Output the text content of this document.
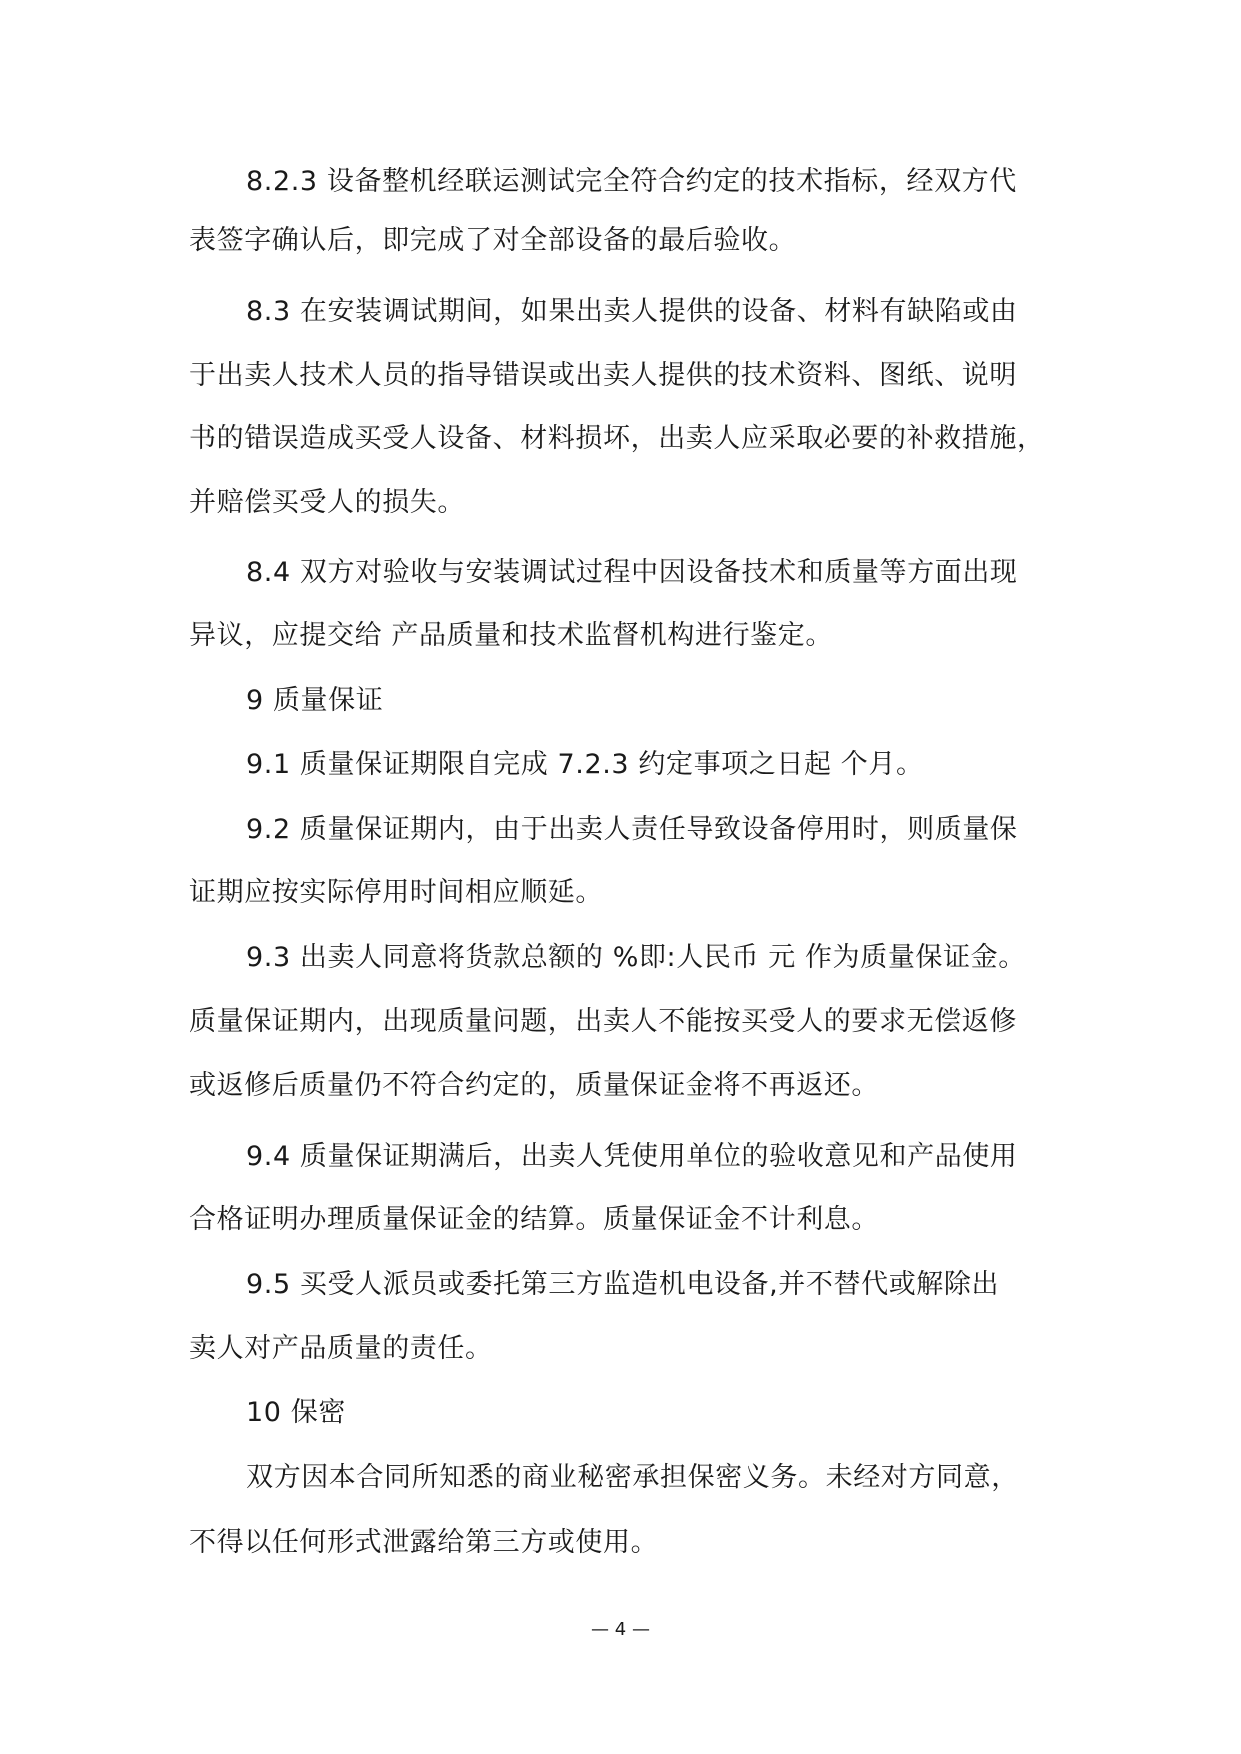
8.2.3 设备整机经联运测试完全符合约定的技术指标，经双方代
表签字确认后，即完成了对全部设备的最后验收。
8.3 在安装调试期间，如果出卖人提供的设备、材料有缺陷或由
于出卖人技术人员的指导错误或出卖人提供的技术资料、图纸、说明
书的错误造成买受人设备、材料损坏，出卖人应采取必要的补救措施，
并赔偿买受人的损失。
8.4 双方对验收与安装调试过程中因设备技术和质量等方面出现
异议，应提交给 产品质量和技术监督机构进行鉴定。
9 质量保证
9.1 质量保证期限自完成 7.2.3 约定事项之日起 个月。
9.2 质量保证期内，由于出卖人责任导致设备停用时，则质量保
证期应按实际停用时间相应顺延。
9.3 出卖人同意将货款总额的 %即:人民币 元 作为质量保证金。
质量保证期内，出现质量问题，出卖人不能按买受人的要求无偿返修
或返修后质量仍不符合约定的，质量保证金将不再返还。
9.4 质量保证期满后，出卖人凭使用单位的验收意见和产品使用
合格证明办理质量保证金的结算。质量保证金不计利息。
9.5 买受人派员或委托第三方监造机电设备,并不替代或解除出
卖人对产品质量的责任。
10 保密
双方因本合同所知悉的商业秘密承担保密义务。未经对方同意，
不得以任何形式泄露给第三方或使用。
— 4 —
